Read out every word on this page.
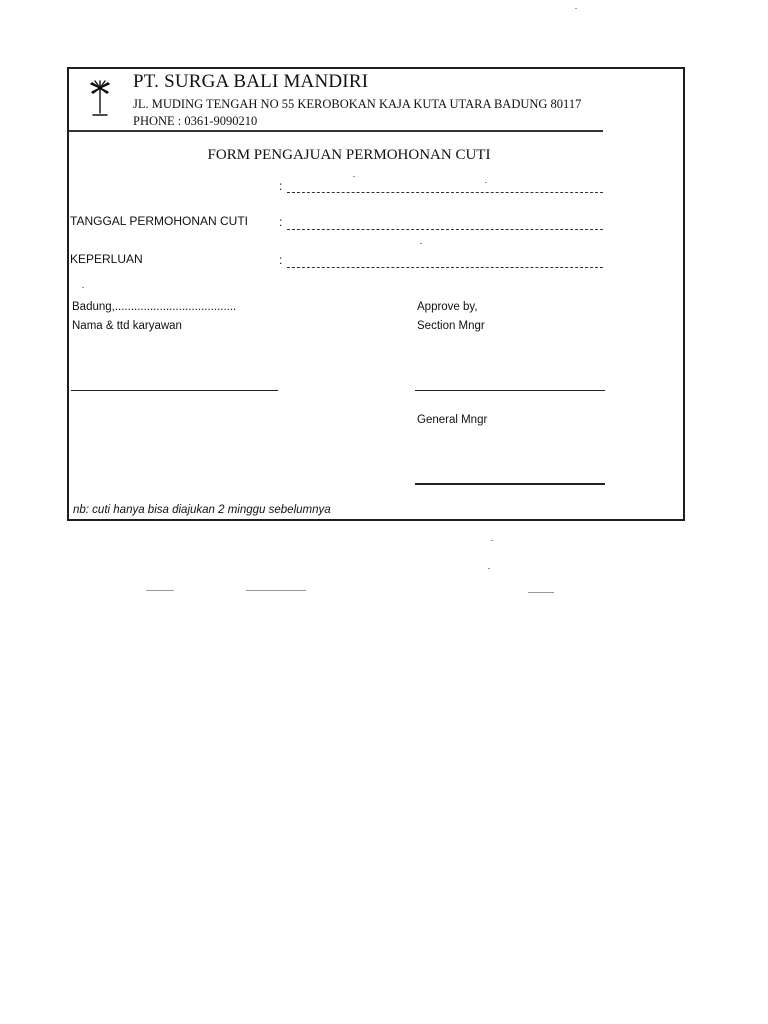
PT. SURGA BALI MANDIRI
JL. MUDING TENGAH NO 55 KEROBOKAN KAJA KUTA UTARA BADUNG 80117
PHONE : 0361-9090210
FORM PENGAJUAN PERMOHONAN CUTI
:
TANGGAL PERMOHONAN CUTI	:
KEPERLUAN	:
Badung,......................................
Nama & ttd karyawan
Approve by,
Section Mngr
General Mngr
nb: cuti hanya bisa diajukan 2 minggu sebelumnya
